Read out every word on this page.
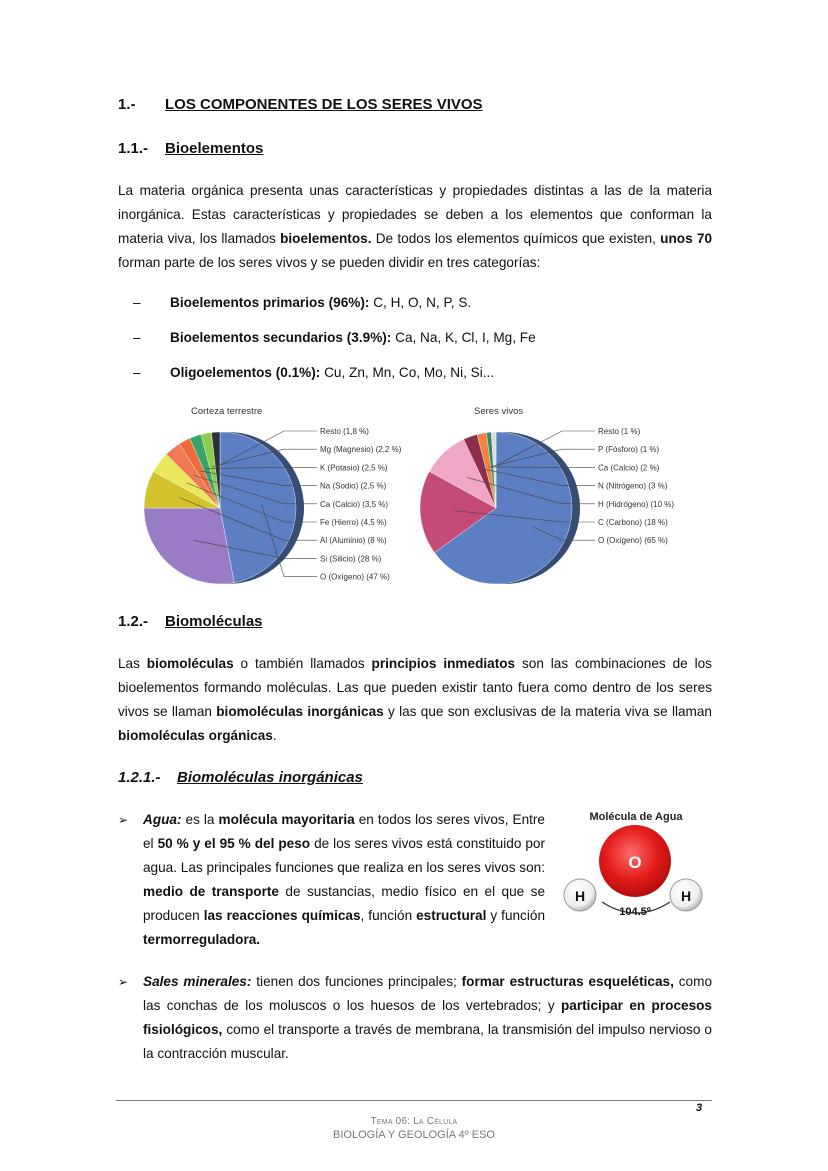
1.- LOS COMPONENTES DE LOS SERES VIVOS
1.1.- Bioelementos
La materia orgánica presenta unas características y propiedades distintas a las de la materia inorgánica. Estas características y propiedades se deben a los elementos que conforman la materia viva, los llamados bioelementos. De todos los elementos químicos que existen, unos 70 forman parte de los seres vivos y se pueden dividir en tres categorías:
– Bioelementos primarios (96%): C, H, O, N, P, S.
– Bioelementos secundarios (3.9%): Ca, Na, K, Cl, I, Mg, Fe
– Oligoelementos (0.1%): Cu, Zn, Mn, Co, Mo, Ni, Si...
Corteza terrestre	Seres vivos
Resto (1,8 %)
Mg (Magnesio) (2,2 %)
K (Potasio) (2,5 %)
Na (Sodio) (2,5 %)
Ca (Calcio) (3,5 %)
Fe (Hierro) (4,5 %)
Al (Aluminio) (8 %)
Si (Silicio) (28 %)
O (Oxígeno) (47 %)
Resto (1 %)
P (Fósforo) (1 %)
Ca (Calcio) (2 %)
N (Nitrógeno) (3 %)
H (Hidrógeno) (10 %)
C (Carbono) (18 %)
O (Oxígeno) (65 %)
1.2.- Biomoléculas
Las biomoléculas o también llamados principios inmediatos son las combinaciones de los bioelementos formando moléculas. Las que pueden existir tanto fuera como dentro de los seres vivos se llaman biomoléculas inorgánicas y las que son exclusivas de la materia viva se llaman biomoléculas orgánicas.
1.2.1.- Biomoléculas inorgánicas
➢ Agua: es la molécula mayoritaria en todos los seres vivos, Entre el 50 % y el 95 % del peso de los seres vivos está constituido por agua. Las principales funciones que realiza en los seres vivos son: medio de transporte de sustancias, medio físico en el que se producen las reacciones químicas, función estructural y función termorreguladora.
Molécula de Agua
O
H	H
104.5º
➢ Sales minerales: tienen dos funciones principales; formar estructuras esqueléticas, como las conchas de los moluscos o los huesos de los vertebrados; y participar en procesos fisiológicos, como el transporte a través de membrana, la transmisión del impulso nervioso o la contracción muscular.
3
Tema 06: La Célula
BIOLOGÍA Y GEOLOGÍA 4º ESO
